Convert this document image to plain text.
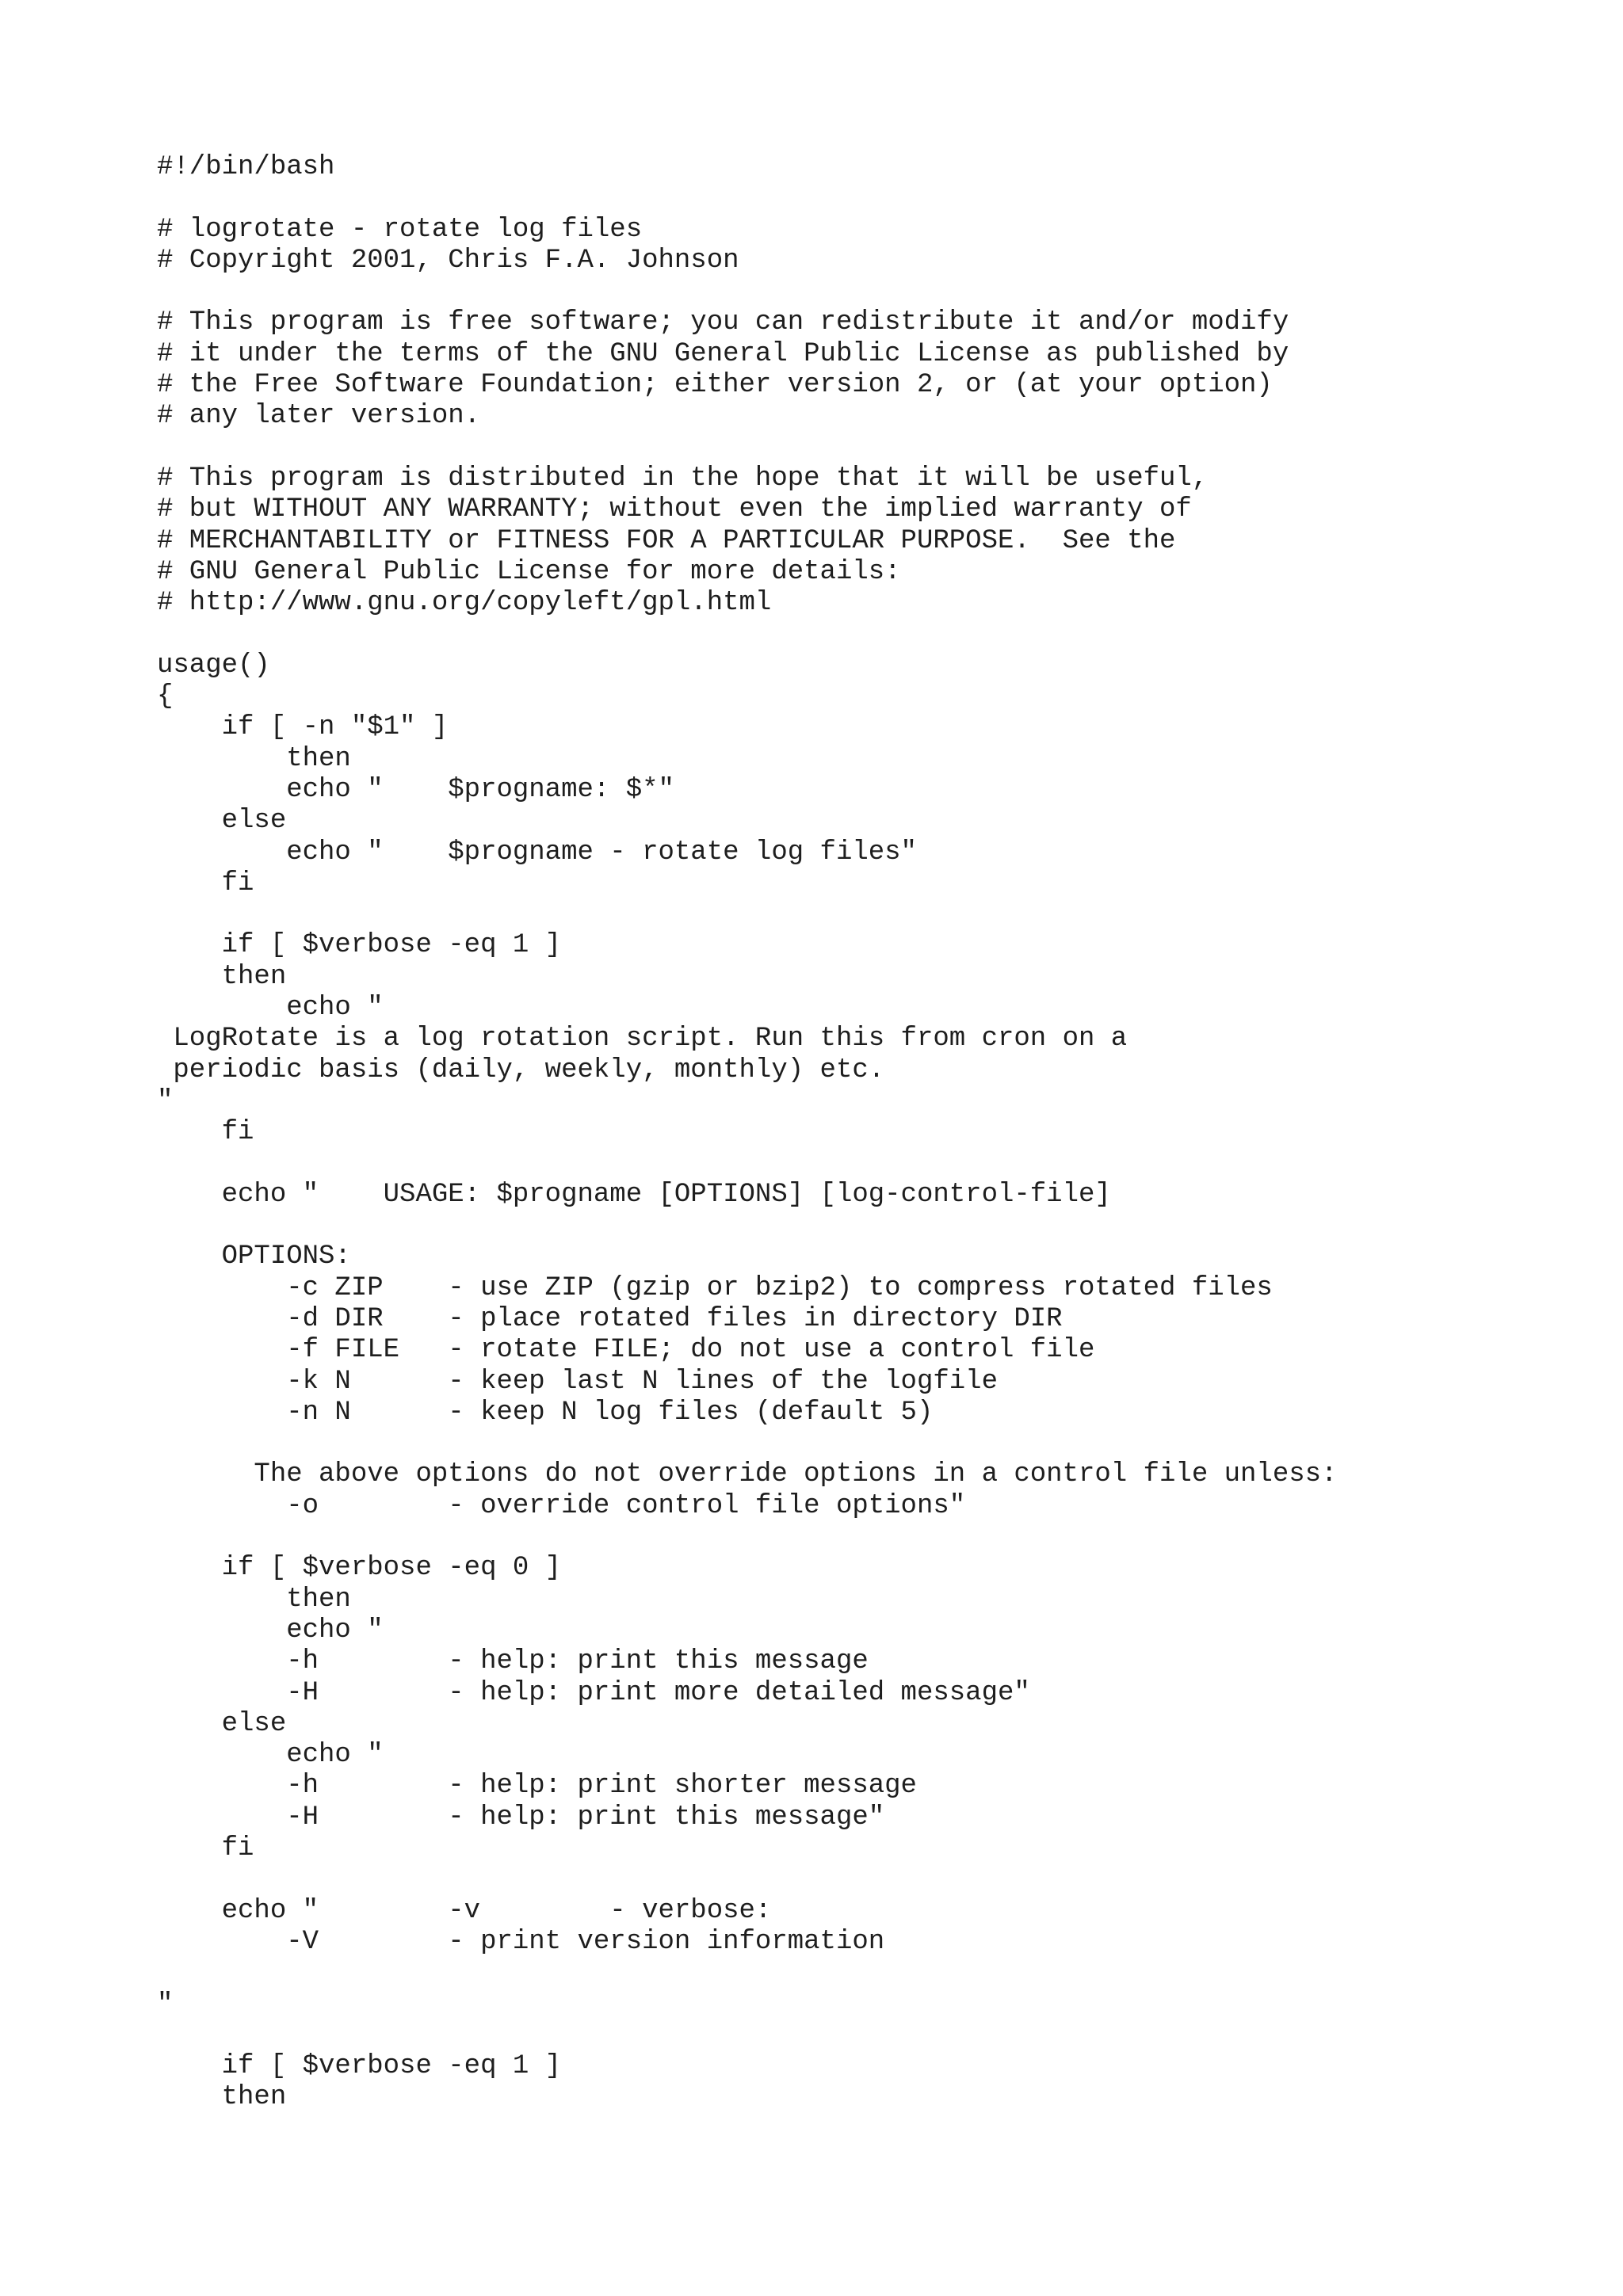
#!/bin/bash

# logrotate - rotate log files
# Copyright 2001, Chris F.A. Johnson

# This program is free software; you can redistribute it and/or modify
# it under the terms of the GNU General Public License as published by
# the Free Software Foundation; either version 2, or (at your option)
# any later version.

# This program is distributed in the hope that it will be useful,
# but WITHOUT ANY WARRANTY; without even the implied warranty of
# MERCHANTABILITY or FITNESS FOR A PARTICULAR PURPOSE.  See the
# GNU General Public License for more details:
# http://www.gnu.org/copyleft/gpl.html

usage()
{
if [ -n "$1" ]
then
echo "    $progname: $*"
else
echo "    $progname - rotate log files"
fi

if [ $verbose -eq 1 ]
then
echo "
LogRotate is a log rotation script. Run this from cron on a
periodic basis (daily, weekly, monthly) etc.
"
fi

echo "    USAGE: $progname [OPTIONS] [log-control-file]

OPTIONS:
-c ZIP    - use ZIP (gzip or bzip2) to compress rotated files
-d DIR    - place rotated files in directory DIR
-f FILE   - rotate FILE; do not use a control file
-k N      - keep last N lines of the logfile
-n N      - keep N log files (default 5)

The above options do not override options in a control file unless:
-o        - override control file options"

if [ $verbose -eq 0 ]
then
echo "
-h        - help: print this message
-H        - help: print more detailed message"
else
echo "
-h        - help: print shorter message
-H        - help: print this message"
fi

echo "        -v        - verbose:
-V        - print version information

"

if [ $verbose -eq 1 ]
then
